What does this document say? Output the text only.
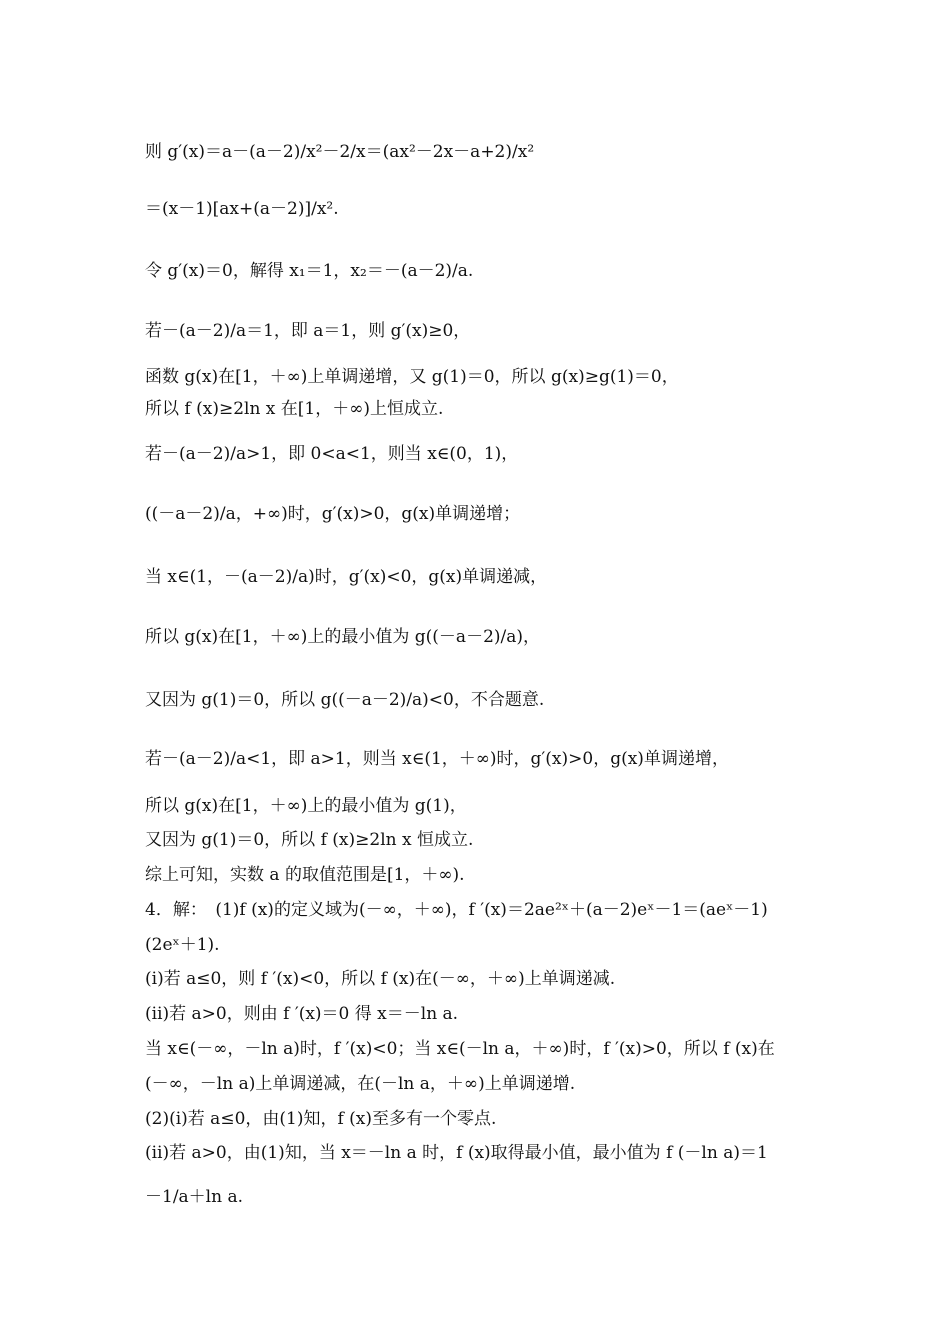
则 g′(x)＝a－(a－2)/x²－2/x＝(ax²－2x－a+2)/x²
＝(x－1)[ax+(a－2)]/x².
令 g′(x)＝0，解得 x₁＝1，x₂＝－(a－2)/a.
若－(a－2)/a＝1，即 a＝1，则 g′(x)≥0，
函数 g(x)在[1，＋∞)上单调递增，又 g(1)＝0，所以 g(x)≥g(1)＝0，
所以 f (x)≥2ln x 在[1，＋∞)上恒成立.
若－(a－2)/a>1，即 0<a<1，则当 x∈(0，1)，
((－a－2)/a，+∞)时，g′(x)>0，g(x)单调递增；
当 x∈(1，－(a－2)/a)时，g′(x)<0，g(x)单调递减，
所以 g(x)在[1，＋∞)上的最小值为 g((－a－2)/a)，
又因为 g(1)＝0，所以 g((－a－2)/a)<0，不合题意.
若－(a－2)/a<1，即 a>1，则当 x∈(1，＋∞)时，g′(x)>0，g(x)单调递增，
所以 g(x)在[1，＋∞)上的最小值为 g(1)，
又因为 g(1)＝0，所以 f (x)≥2ln x 恒成立.
综上可知，实数 a 的取值范围是[1，＋∞).
4．解：　(1)f (x)的定义域为(－∞，＋∞)，f ′(x)＝2ae²ˣ＋(a－2)eˣ－1＝(aeˣ－1)
(2eˣ＋1).
(ⅰ)若 a≤0，则 f ′(x)<0，所以 f (x)在(－∞，＋∞)上单调递减.
(ⅱ)若 a>0，则由 f ′(x)＝0 得 x＝－ln a.
当 x∈(－∞，－ln a)时，f ′(x)<0；当 x∈(－ln a，＋∞)时，f ′(x)>0，所以 f (x)在
(－∞，－ln a)上单调递减，在(－ln a，＋∞)上单调递增.
(2)(ⅰ)若 a≤0，由(1)知，f (x)至多有一个零点.
(ⅱ)若 a>0，由(1)知，当 x＝－ln a 时，f (x)取得最小值，最小值为 f (－ln a)＝1
－1/a＋ln a.
